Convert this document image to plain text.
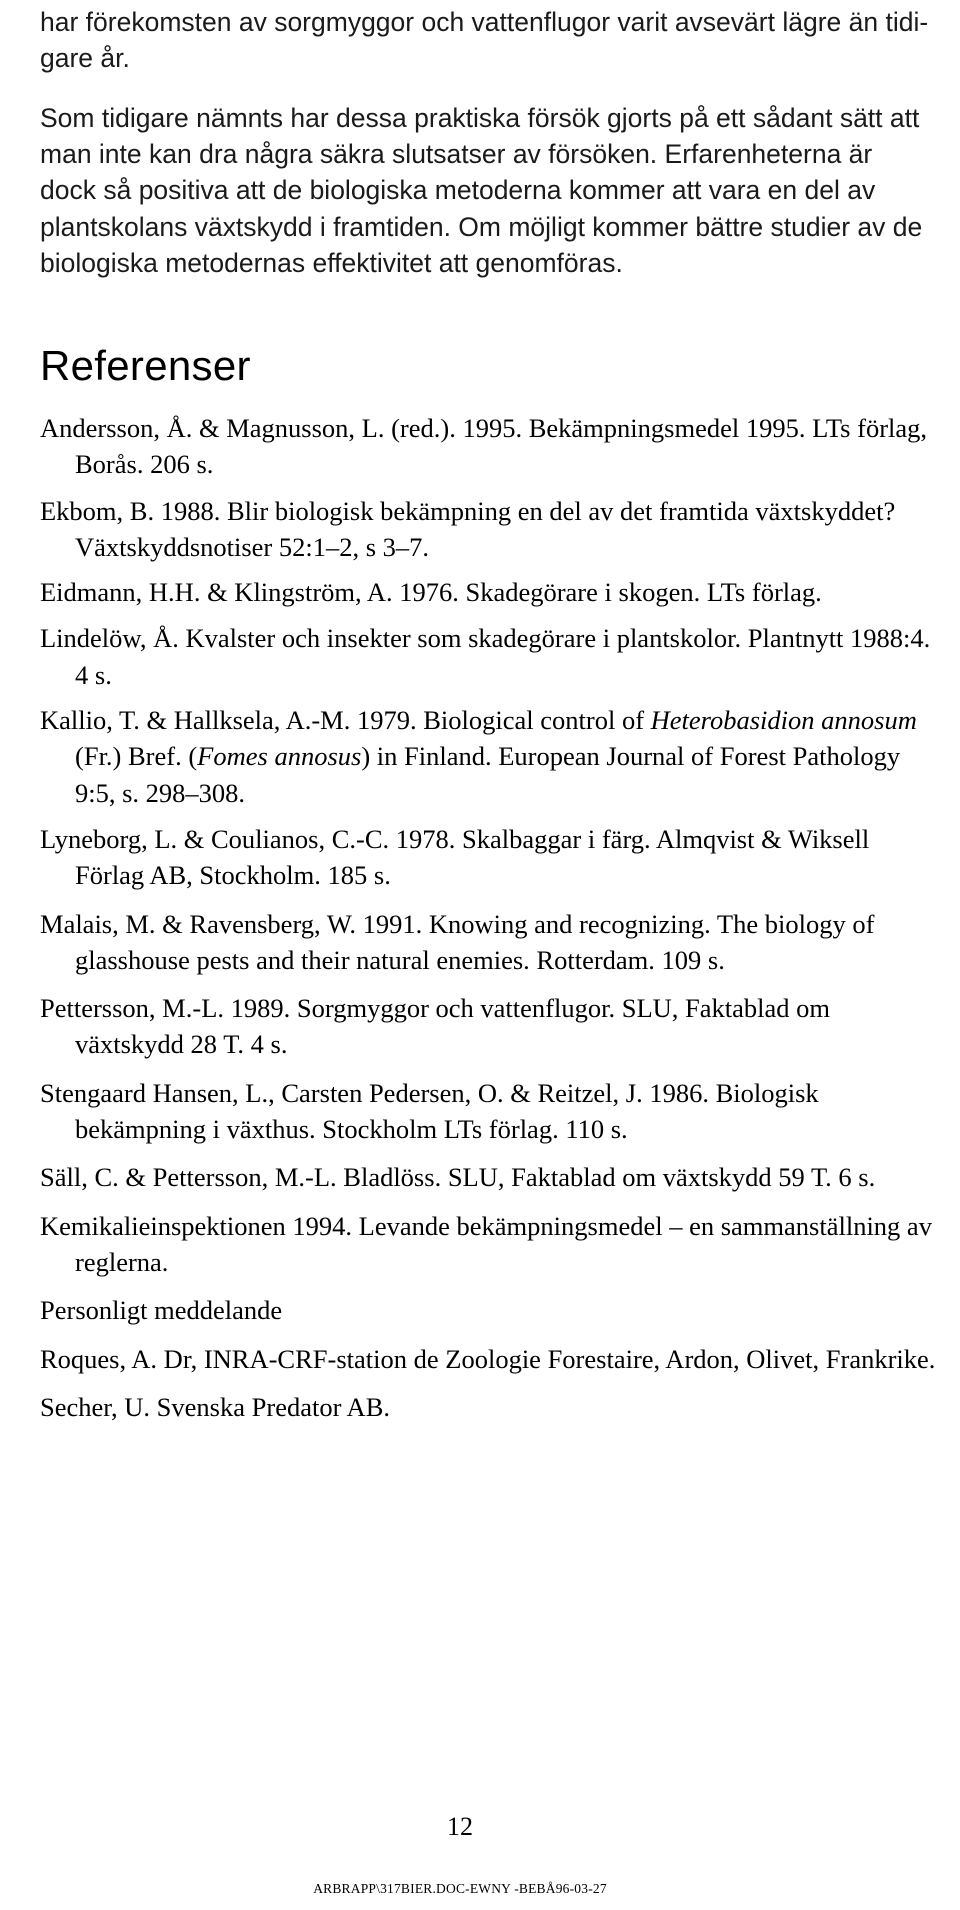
har förekomsten av sorgmyggor och vattenflugor varit avsevärt lägre än tidigare år.

Som tidigare nämnts har dessa praktiska försök gjorts på ett sådant sätt att man inte kan dra några säkra slutsatser av försöken. Erfarenheterna är dock så positiva att de biologiska metoderna kommer att vara en del av plantskolans växtskydd i framtiden. Om möjligt kommer bättre studier av de biologiska metodernas effektivitet att genomföras.

Referenser
Andersson, Å. & Magnusson, L. (red.). 1995. Bekämpningsmedel 1995. LTs förlag, Borås. 206 s.
Ekbom, B. 1988. Blir biologisk bekämpning en del av det framtida växtskyddet? Växtskyddsnotiser 52:1–2, s 3–7.
Eidmann, H.H. & Klingström, A. 1976. Skadegörare i skogen. LTs förlag.
Lindelöw, Å. Kvalster och insekter som skadegörare i plantskolor. Plantnytt 1988:4. 4 s.
Kallio, T. & Hallksela, A.-M. 1979. Biological control of Heterobasidion annosum (Fr.) Bref. (Fomes annosus) in Finland. European Journal of Forest Pathology 9:5, s. 298–308.
Lyneborg, L. & Coulianos, C.-C. 1978. Skalbaggar i färg. Almqvist & Wiksell Förlag AB, Stockholm. 185 s.
Malais, M. & Ravensberg, W. 1991. Knowing and recognizing. The biology of glasshouse pests and their natural enemies. Rotterdam. 109 s.
Pettersson, M.-L. 1989. Sorgmyggor och vattenflugor. SLU, Faktablad om växtskydd 28 T. 4 s.
Stengaard Hansen, L., Carsten Pedersen, O. & Reitzel, J. 1986. Biologisk bekämpning i växthus. Stockholm LTs förlag. 110 s.
Säll, C. & Pettersson, M.-L. Bladlöss. SLU, Faktablad om växtskydd 59 T. 6 s.
Kemikalieinspektionen 1994. Levande bekämpningsmedel – en sammanställning av reglerna.
Personligt meddelande
Roques, A. Dr, INRA-CRF-station de Zoologie Forestaire, Ardon, Olivet, Frankrike.
Secher, U. Svenska Predator AB.
12
ARBRAPP\317BIER.DOC-EWNY -BEBÅ96-03-27
